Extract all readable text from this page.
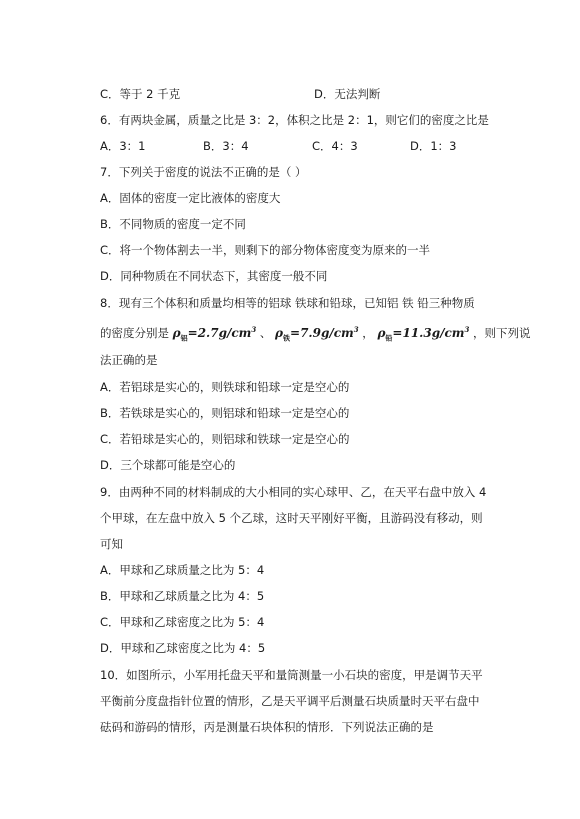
C．等于 2 千克	D．无法判断
6．有两块金属，质量之比是 3：2，体积之比是 2：1，则它们的密度之比是
A．3：1	B．3：4	C．4：3	D．1：3
7．下列关于密度的说法不正确的是（ ）
A．固体的密度一定比液体的密度大
B．不同物质的密度一定不同
C．将一个物体割去一半，则剩下的部分物体密度变为原来的一半
D．同种物质在不同状态下，其密度一般不同
8．现有三个体积和质量均相等的铝球 铁球和铅球，已知铝 铁 铅三种物质
的密度分别是 $\rho_铝=2.7g/cm^3$ 、 $\rho_铁=7.9g/cm^3$ ， $\rho_铅=11.3g/cm^3$ ，则下列说
法正确的是
A．若铝球是实心的，则铁球和铅球一定是空心的
B．若铁球是实心的，则铝球和铅球一定是空心的
C．若铅球是实心的，则铝球和铁球一定是空心的
D．三个球都可能是空心的
9．由两种不同的材料制成的大小相同的实心球甲、乙，在天平右盘中放入 4
个甲球，在左盘中放入 5 个乙球，这时天平刚好平衡，且游码没有移动，则
可知
A．甲球和乙球质量之比为 5：4
B．甲球和乙球质量之比为 4：5
C．甲球和乙球密度之比为 5：4
D．甲球和乙球密度之比为 4：5
10．如图所示，小军用托盘天平和量筒测量一小石块的密度，甲是调节天平
平衡前分度盘指针位置的情形，乙是天平调平后测量石块质量时天平右盘中
砝码和游码的情形，丙是测量石块体积的情形．下列说法正确的是
